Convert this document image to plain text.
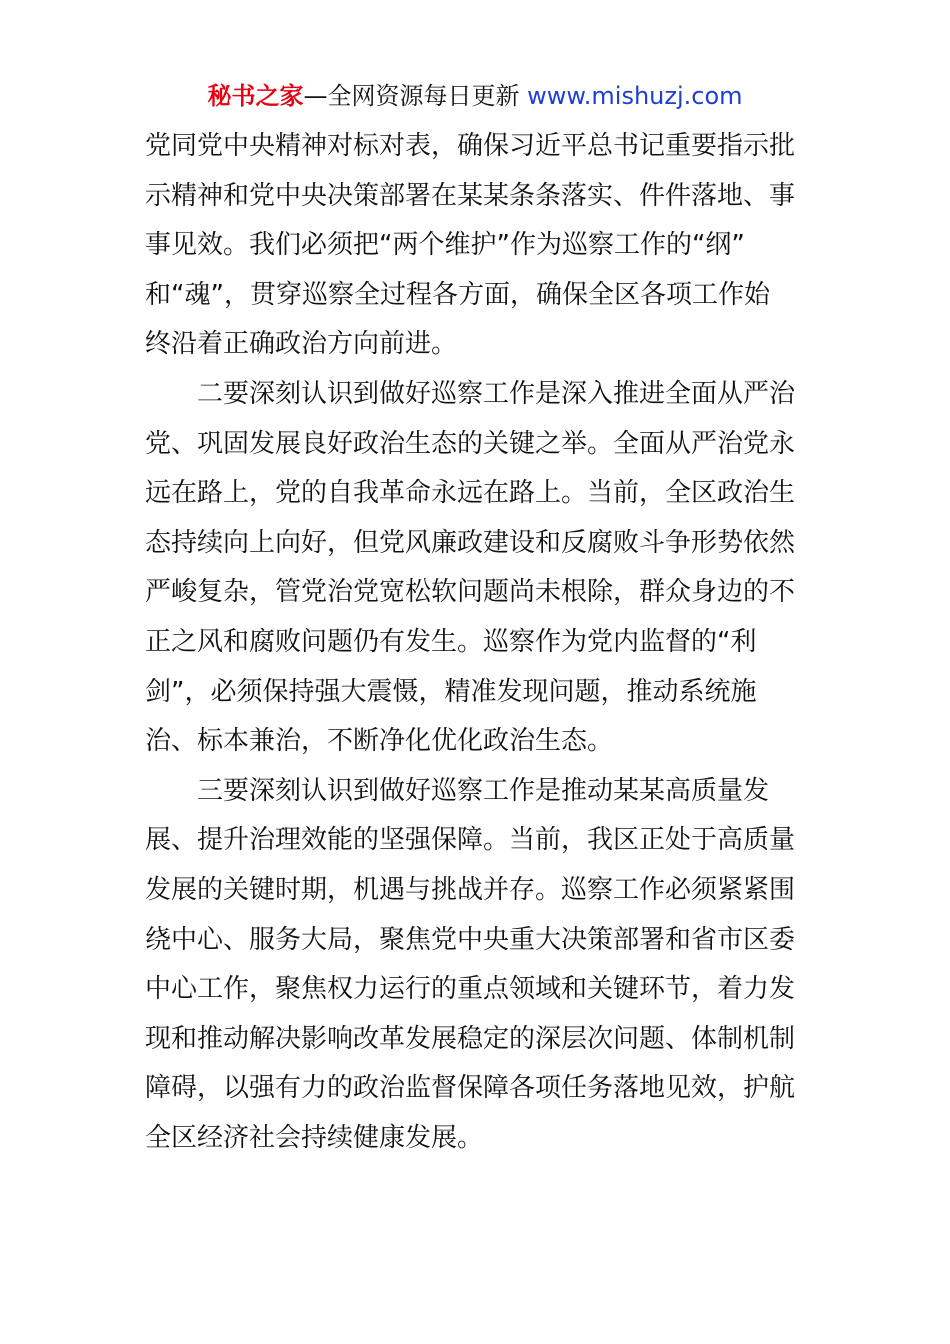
秘书之家—全网资源每日更新 www.mishuzj.com
党同党中央精神对标对表，确保习近平总书记重要指示批
示精神和党中央决策部署在某某条条落实、件件落地、事
事见效。我们必须把“两个维护”作为巡察工作的“纲”
和“魂”，贯穿巡察全过程各方面，确保全区各项工作始
终沿着正确政治方向前进。
二要深刻认识到做好巡察工作是深入推进全面从严治
党、巩固发展良好政治生态的关键之举。全面从严治党永
远在路上，党的自我革命永远在路上。当前，全区政治生
态持续向上向好，但党风廉政建设和反腐败斗争形势依然
严峻复杂，管党治党宽松软问题尚未根除，群众身边的不
正之风和腐败问题仍有发生。巡察作为党内监督的“利
剑”，必须保持强大震慑，精准发现问题，推动系统施
治、标本兼治，不断净化优化政治生态。
三要深刻认识到做好巡察工作是推动某某高质量发
展、提升治理效能的坚强保障。当前，我区正处于高质量
发展的关键时期，机遇与挑战并存。巡察工作必须紧紧围
绕中心、服务大局，聚焦党中央重大决策部署和省市区委
中心工作，聚焦权力运行的重点领域和关键环节，着力发
现和推动解决影响改革发展稳定的深层次问题、体制机制
障碍，以强有力的政治监督保障各项任务落地见效，护航
全区经济社会持续健康发展。
